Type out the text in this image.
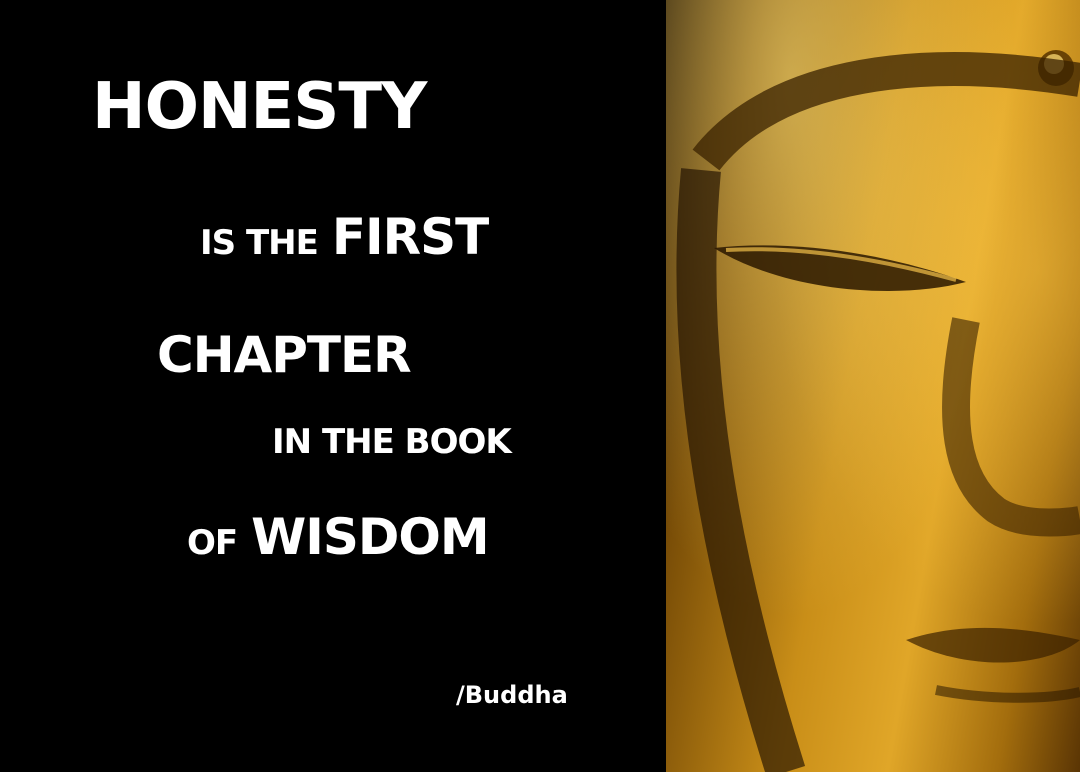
HONESTY
IS THE FIRST
CHAPTER
IN THE BOOK
OF WISDOM
/Buddha
